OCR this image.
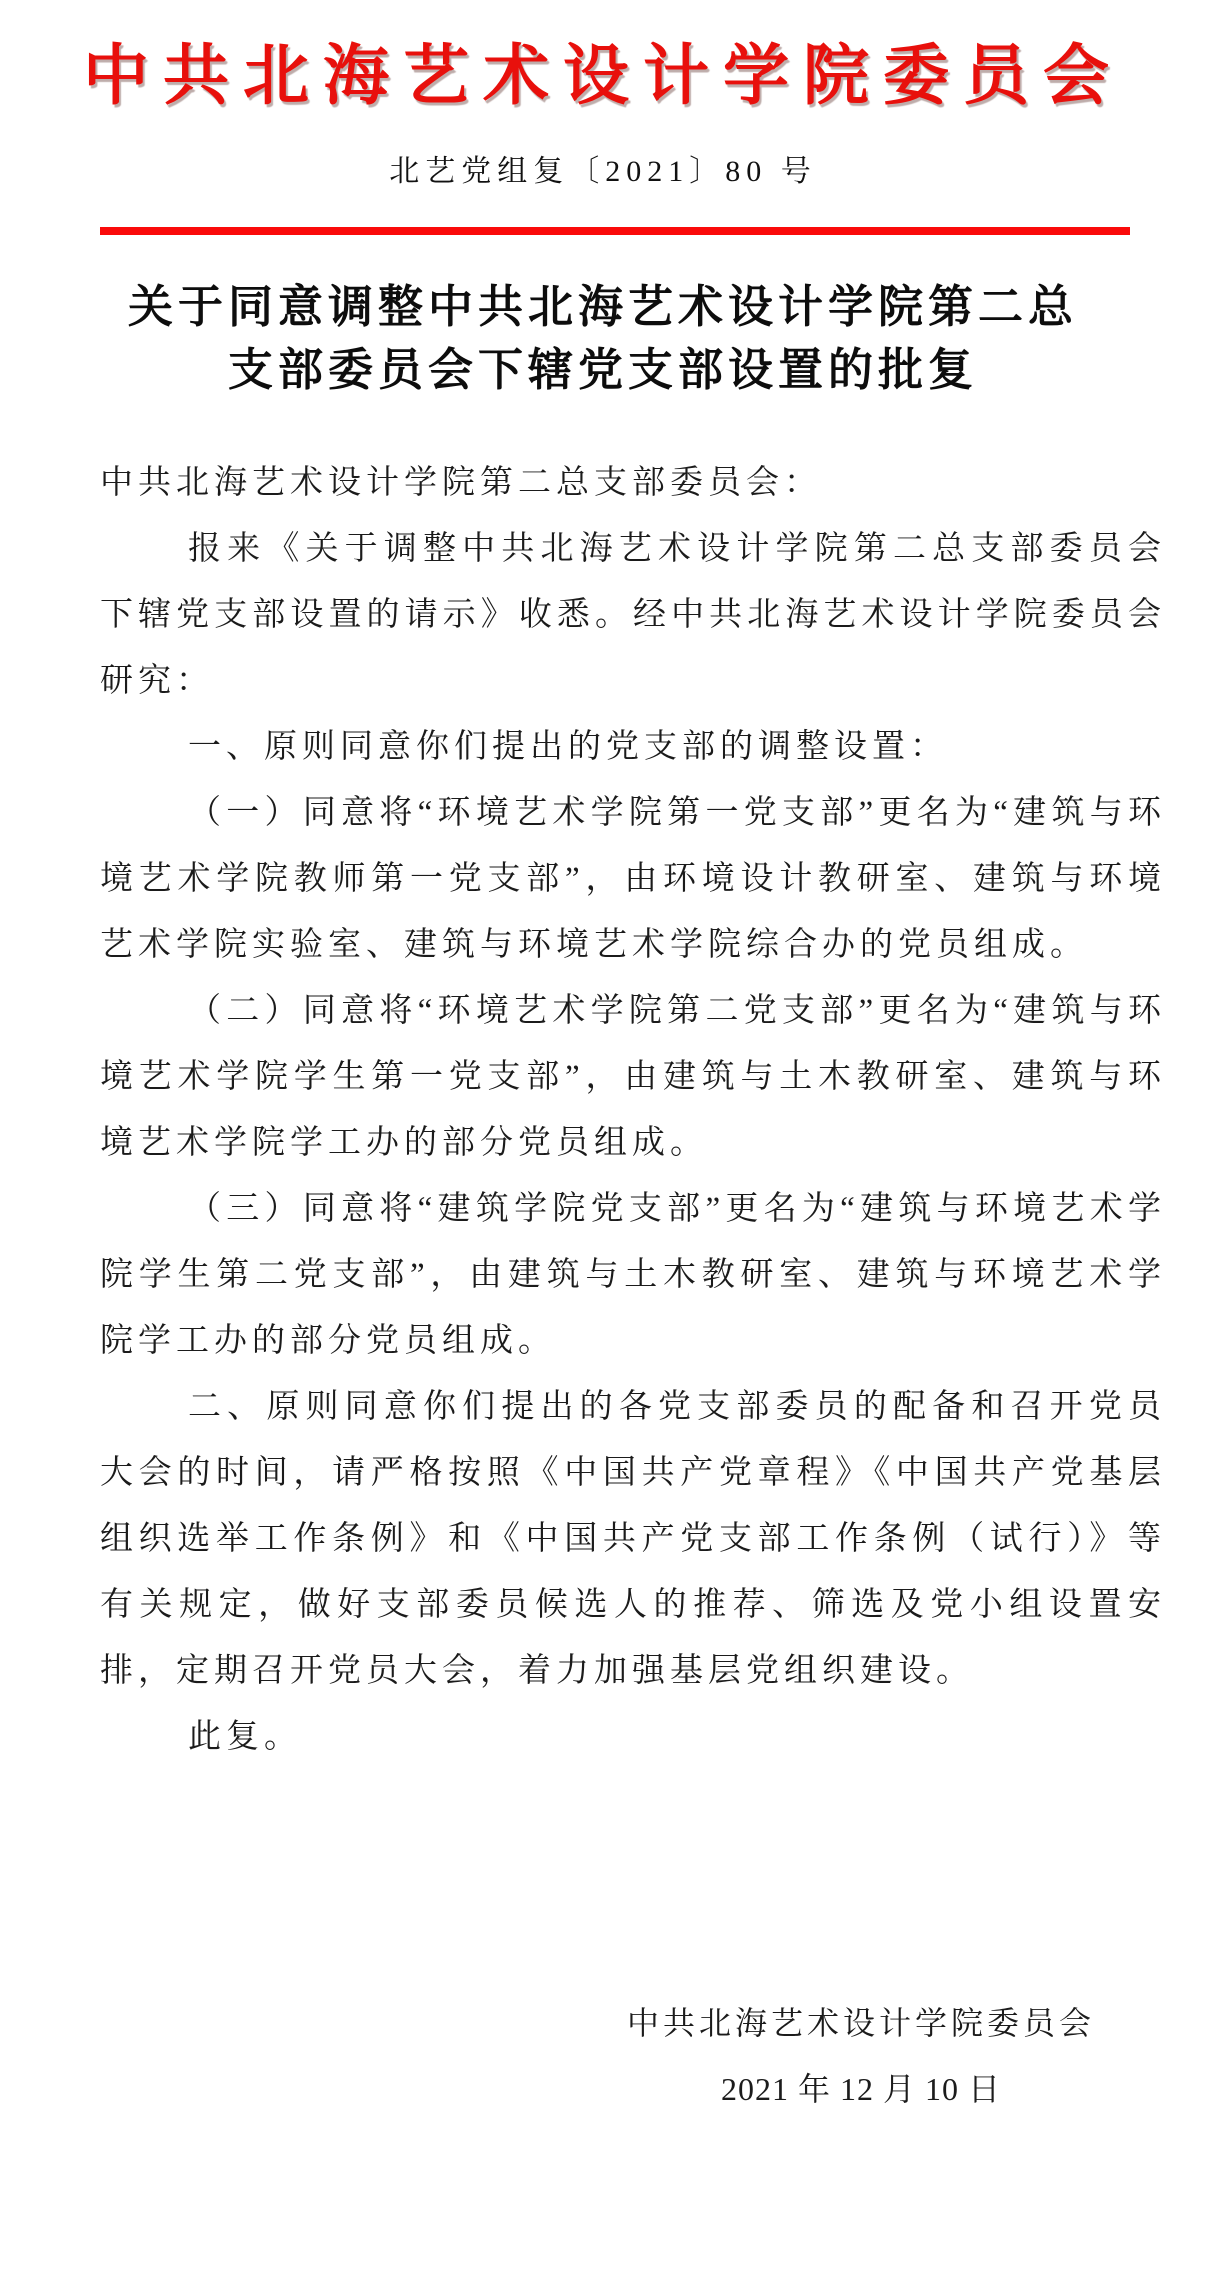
中共北海艺术设计学院委员会
北艺党组复〔2021〕80 号
关于同意调整中共北海艺术设计学院第二总支部委员会下辖党支部设置的批复

中共北海艺术设计学院第二总支部委员会：

报来《关于调整中共北海艺术设计学院第二总支部委员会下辖党支部设置的请示》收悉。经中共北海艺术设计学院委员会研究：

一、原则同意你们提出的党支部的调整设置：

（一）同意将“环境艺术学院第一党支部”更名为“建筑与环境艺术学院教师第一党支部”，由环境设计教研室、建筑与环境艺术学院实验室、建筑与环境艺术学院综合办的党员组成。

（二）同意将“环境艺术学院第二党支部”更名为“建筑与环境艺术学院学生第一党支部”，由建筑与土木教研室、建筑与环境艺术学院学工办的部分党员组成。

（三）同意将“建筑学院党支部”更名为“建筑与环境艺术学院学生第二党支部”，由建筑与土木教研室、建筑与环境艺术学院学工办的部分党员组成。

二、原则同意你们提出的各党支部委员的配备和召开党员大会的时间，请严格按照《中国共产党章程》《中国共产党基层组织选举工作条例》和《中国共产党支部工作条例（试行）》等有关规定，做好支部委员候选人的推荐、筛选及党小组设置安排，定期召开党员大会，着力加强基层党组织建设。

此复。

中共北海艺术设计学院委员会
2021 年 12 月 10 日
